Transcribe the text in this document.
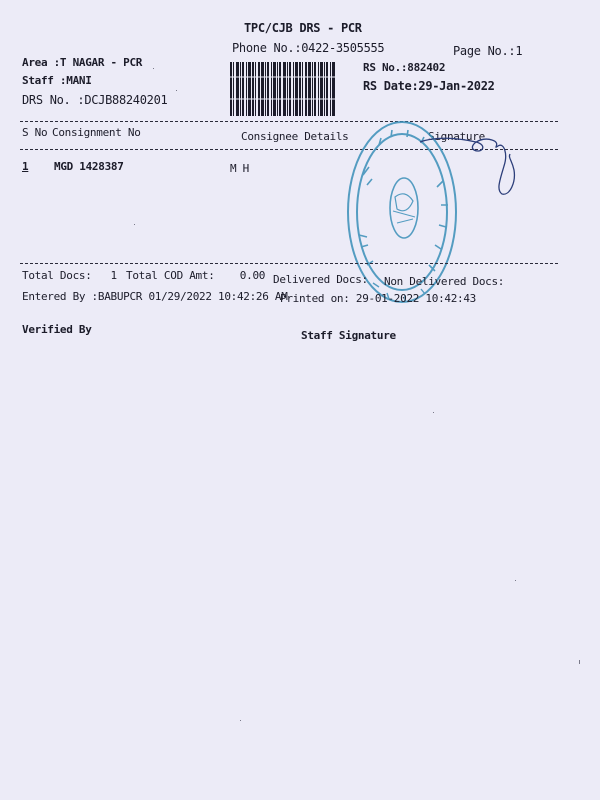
TPC/CJB DRS - PCR
Phone No.:0422-3505555	Page No.:1
Area :T NAGAR - PCR
Staff :MANI
DRS No. :DCJB88240201
RS No.:882402
RS Date:29-Jan-2022
S No Consignment No	Consignee Details	Signature
1 MGD 1428387	M H
Total Docs:   1 Total COD Amt:    0.00 Delivered Docs: Non Delivered Docs:
Entered By :BABUPCR 01/29/2022 10:42:26 AM
Printed on: 29-01-2022 10:42:43
Verified By	Staff Signature
